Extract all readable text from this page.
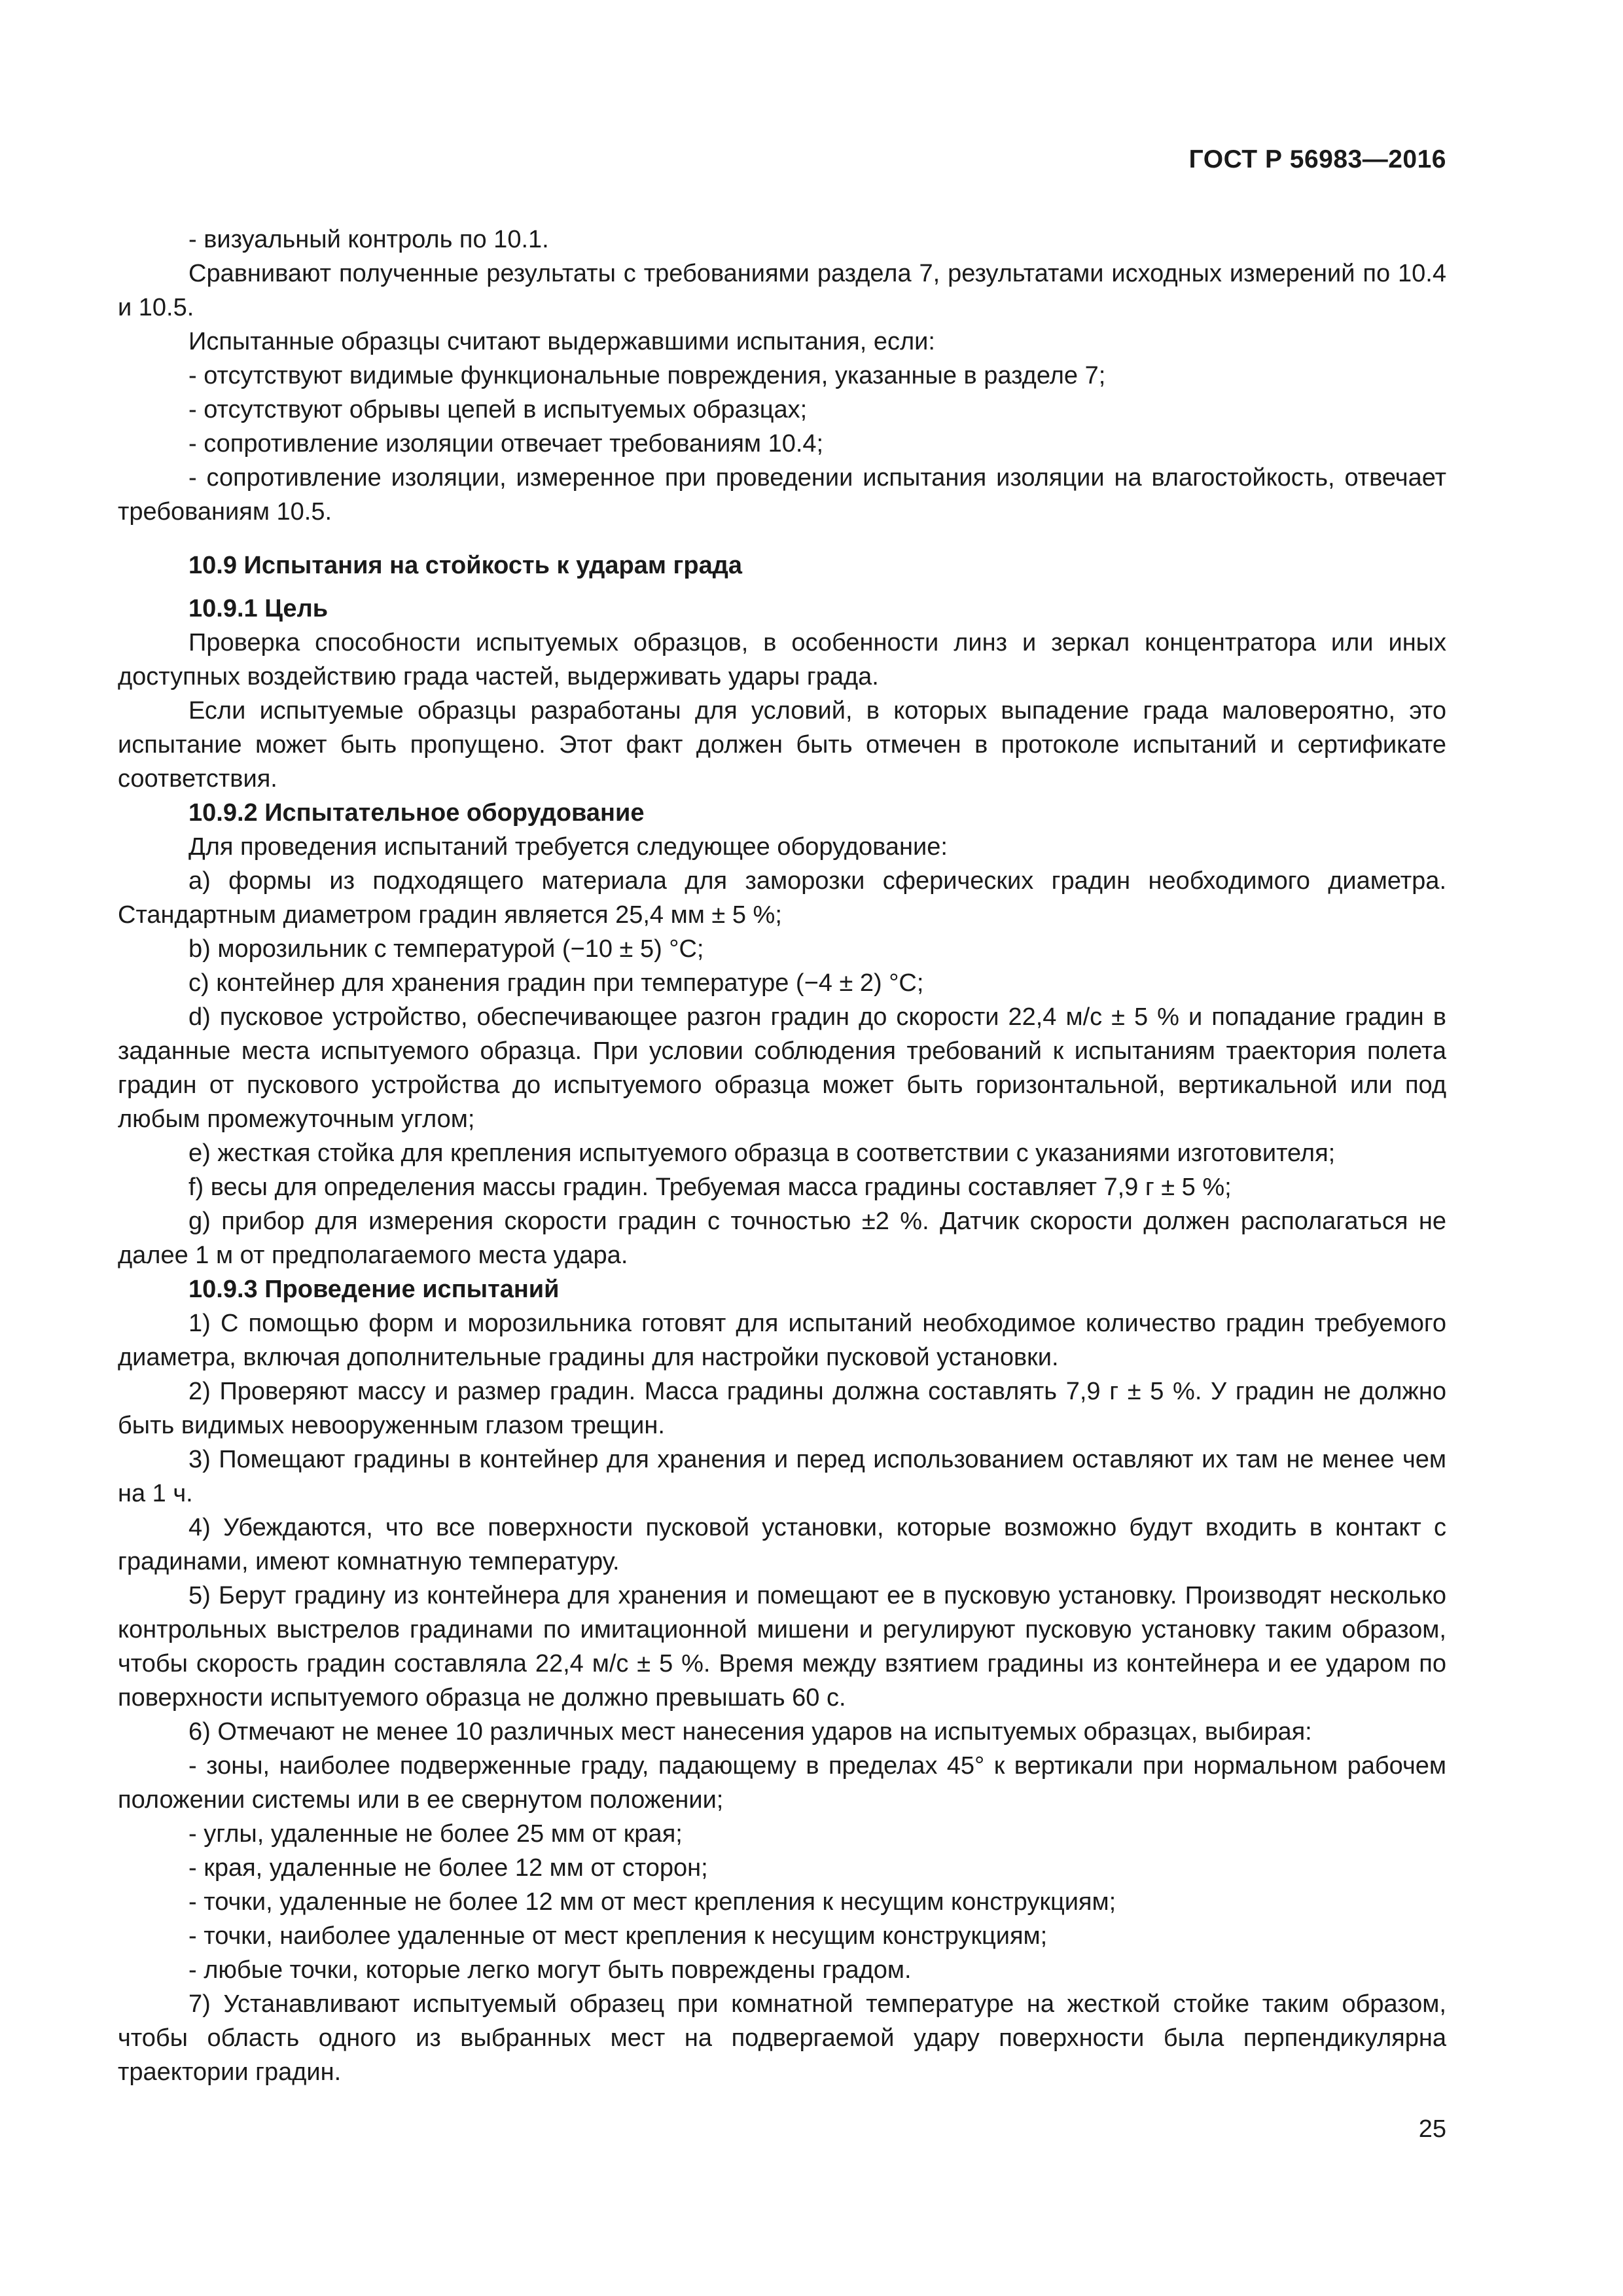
ГОСТ Р 56983—2016

- визуальный контроль по 10.1.

Сравнивают полученные результаты с требованиями раздела 7, результатами исходных измерений по 10.4 и 10.5.

Испытанные образцы считают выдержавшими испытания, если:

- отсутствуют видимые функциональные повреждения, указанные в разделе 7;

- отсутствуют обрывы цепей в испытуемых образцах;

- сопротивление изоляции отвечает требованиям 10.4;

- сопротивление изоляции, измеренное при проведении испытания изоляции на влагостойкость, отвечает требованиям 10.5.

10.9 Испытания на стойкость к ударам града

10.9.1 Цель

Проверка способности испытуемых образцов, в особенности линз и зеркал концентратора или иных доступных воздействию града частей, выдерживать удары града.

Если испытуемые образцы разработаны для условий, в которых выпадение града маловероятно, это испытание может быть пропущено. Этот факт должен быть отмечен в протоколе испытаний и сертификате соответствия.

10.9.2 Испытательное оборудование

Для проведения испытаний требуется следующее оборудование:

a) формы из подходящего материала для заморозки сферических градин необходимого диаметра. Стандартным диаметром градин является 25,4 мм ± 5 %;

b) морозильник с температурой (−10 ± 5) °C;

c) контейнер для хранения градин при температуре (−4 ± 2) °C;

d) пусковое устройство, обеспечивающее разгон градин до скорости 22,4 м/с ± 5 % и попадание градин в заданные места испытуемого образца. При условии соблюдения требований к испытаниям траектория полета градин от пускового устройства до испытуемого образца может быть горизонтальной, вертикальной или под любым промежуточным углом;

e) жесткая стойка для крепления испытуемого образца в соответствии с указаниями изготовителя;

f) весы для определения массы градин. Требуемая масса градины составляет 7,9 г ± 5 %;

g) прибор для измерения скорости градин с точностью ±2 %. Датчик скорости должен располагаться не далее 1 м от предполагаемого места удара.

10.9.3 Проведение испытаний

1) С помощью форм и морозильника готовят для испытаний необходимое количество градин требуемого диаметра, включая дополнительные градины для настройки пусковой установки.

2) Проверяют массу и размер градин. Масса градины должна составлять 7,9 г ± 5 %. У градин не должно быть видимых невооруженным глазом трещин.

3) Помещают градины в контейнер для хранения и перед использованием оставляют их там не менее чем на 1 ч.

4) Убеждаются, что все поверхности пусковой установки, которые возможно будут входить в контакт с градинами, имеют комнатную температуру.

5) Берут градину из контейнера для хранения и помещают ее в пусковую установку. Производят несколько контрольных выстрелов градинами по имитационной мишени и регулируют пусковую установку таким образом, чтобы скорость градин составляла 22,4 м/с ± 5 %. Время между взятием градины из контейнера и ее ударом по поверхности испытуемого образца не должно превышать 60 с.

6) Отмечают не менее 10 различных мест нанесения ударов на испытуемых образцах, выбирая:

- зоны, наиболее подверженные граду, падающему в пределах 45° к вертикали при нормальном рабочем положении системы или в ее свернутом положении;

- углы, удаленные не более 25 мм от края;

- края, удаленные не более 12 мм от сторон;

- точки, удаленные не более 12 мм от мест крепления к несущим конструкциям;

- точки, наиболее удаленные от мест крепления к несущим конструкциям;

- любые точки, которые легко могут быть повреждены градом.

7) Устанавливают испытуемый образец при комнатной температуре на жесткой стойке таким образом, чтобы область одного из выбранных мест на подвергаемой удару поверхности была перпендикулярна траектории градин.

25
